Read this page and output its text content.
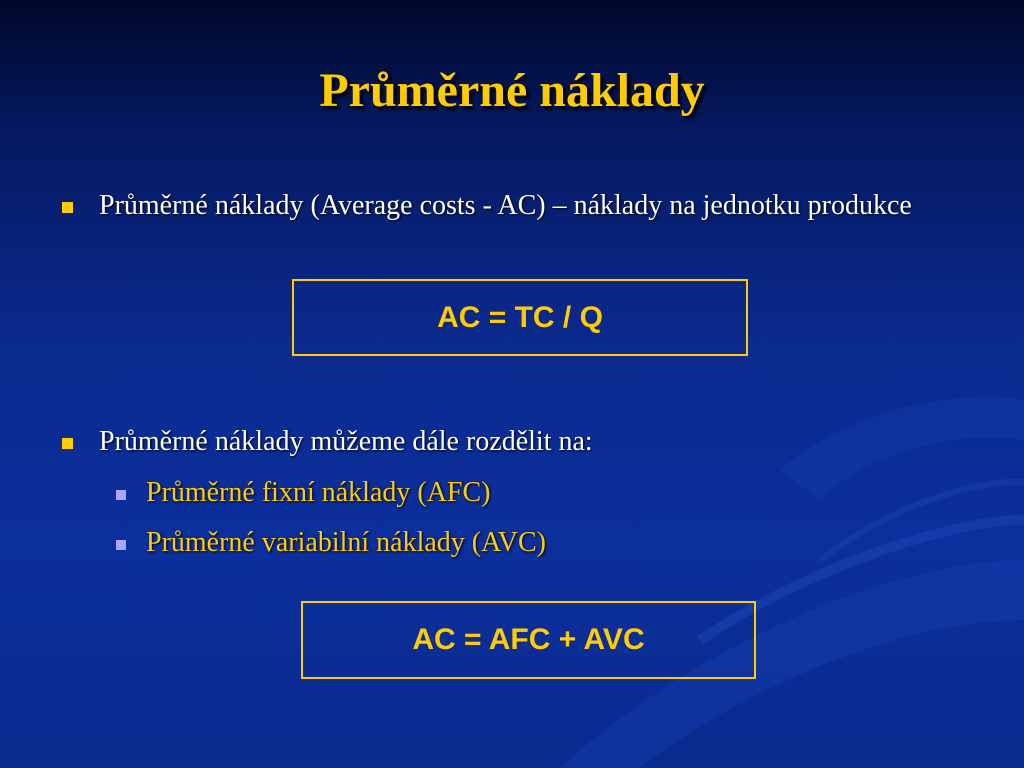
Průměrné náklady
Průměrné náklady (Average costs - AC) – náklady na jednotku produkce
AC = TC / Q
Průměrné náklady můžeme dále rozdělit na:
Průměrné fixní náklady (AFC)
Průměrné variabilní náklady (AVC)
AC = AFC + AVC
